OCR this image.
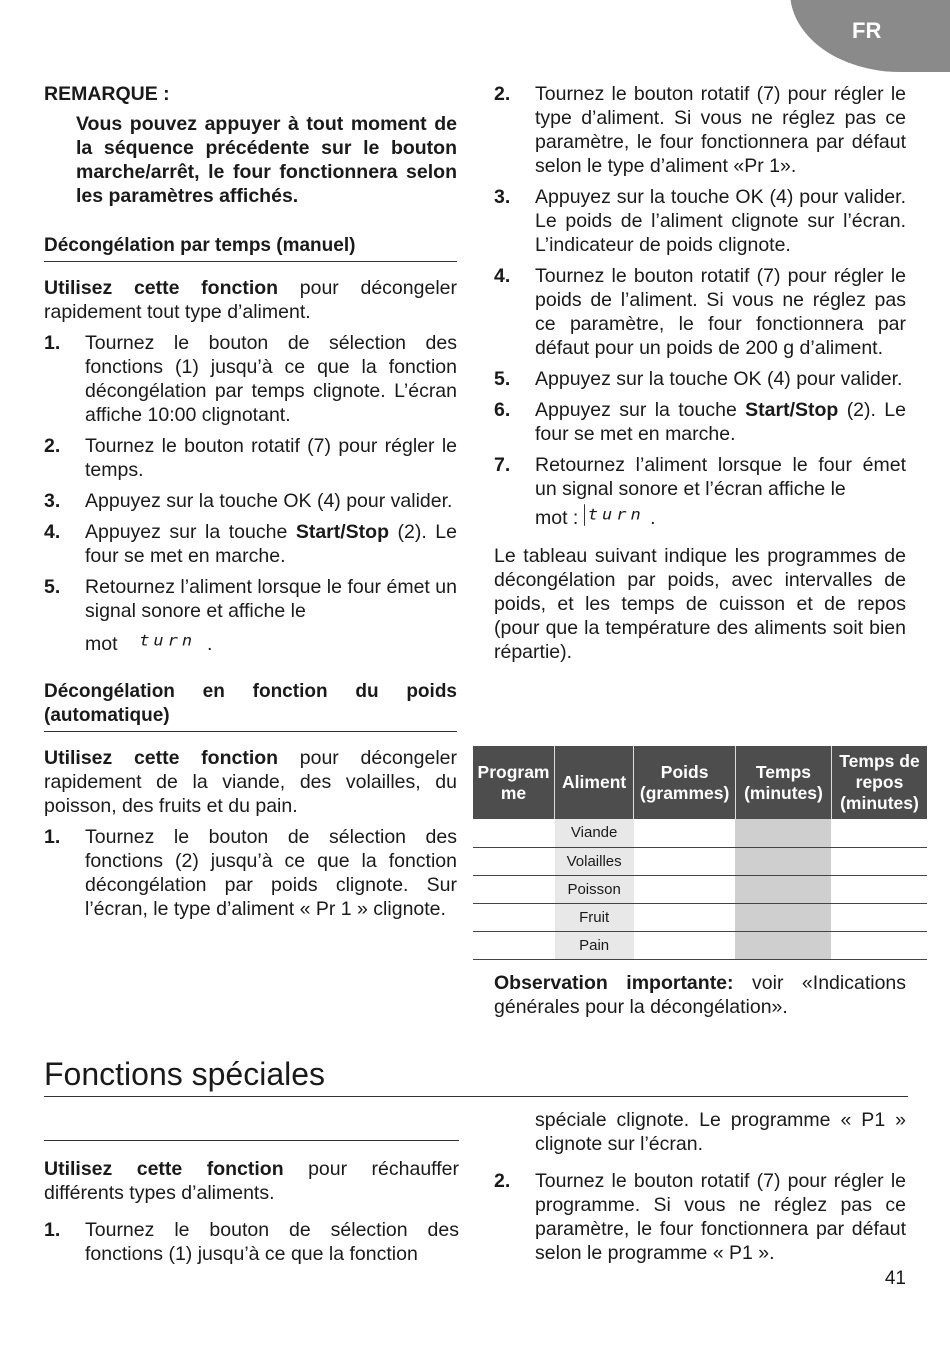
FR
REMARQUE :

Vous pouvez appuyer à tout moment de la séquence précédente sur le bouton marche/arrêt, le four fonctionnera selon les paramètres affichés.

Décongélation par temps (manuel)

Utilisez cette fonction pour décongeler rapidement tout type d’aliment.

1. Tournez le bouton de sélection des fonctions (1) jusqu’à ce que la fonction décongélation par temps clignote. L’écran affiche 10:00 clignotant.
2. Tournez le bouton rotatif (7) pour régler le temps.
3. Appuyez sur la touche OK (4) pour valider.
4. Appuyez sur la touche Start/Stop (2). Le four se met en marche.
5. Retournez l’aliment lorsque le four émet un signal sonore et affiche le
mot turn .
Décongélation en fonction du poids (automatique)

Utilisez cette fonction pour décongeler rapidement de la viande, des volailles, du poisson, des fruits et du pain.

1. Tournez le bouton de sélection des fonctions (2) jusqu’à ce que la fonction décongélation par poids clignote. Sur l’écran, le type d’aliment « Pr 1 » clignote.
2. Tournez le bouton rotatif (7) pour régler le type d’aliment. Si vous ne réglez pas ce paramètre, le four fonctionnera par défaut selon le type d’aliment «Pr 1».
3. Appuyez sur la touche OK (4) pour valider. Le poids de l’aliment clignote sur l’écran. L’indicateur de poids clignote.
4. Tournez le bouton rotatif (7) pour régler le poids de l’aliment. Si vous ne réglez pas ce paramètre, le four fonctionnera par défaut pour un poids de 200 g d’aliment.
5. Appuyez sur la touche OK (4) pour valider.
6. Appuyez sur la touche Start/Stop (2). Le four se met en marche.
7. Retournez l’aliment lorsque le four émet un signal sonore et l’écran affiche le
mot : turn .

Le tableau suivant indique les programmes de décongélation par poids, avec intervalles de poids, et les temps de cuisson et de repos (pour que la température des aliments soit bien répartie).

Program me	Aliment	Poids (grammes)	Temps (minutes)	Temps de repos (minutes)
	Viande			
	Volailles			
	Poisson			
	Fruit			
	Pain			

Observation importante: voir «Indications générales pour la décongélation».

Fonctions spéciales

Utilisez cette fonction pour réchauffer différents types d’aliments.

1. Tournez le bouton de sélection des fonctions (1) jusqu’à ce que la fonction

spéciale clignote. Le programme « P1 » clignote sur l’écran.

2. Tournez le bouton rotatif (7) pour régler le programme. Si vous ne réglez pas ce paramètre, le four fonctionnera par défaut selon le programme « P1 ».
41
